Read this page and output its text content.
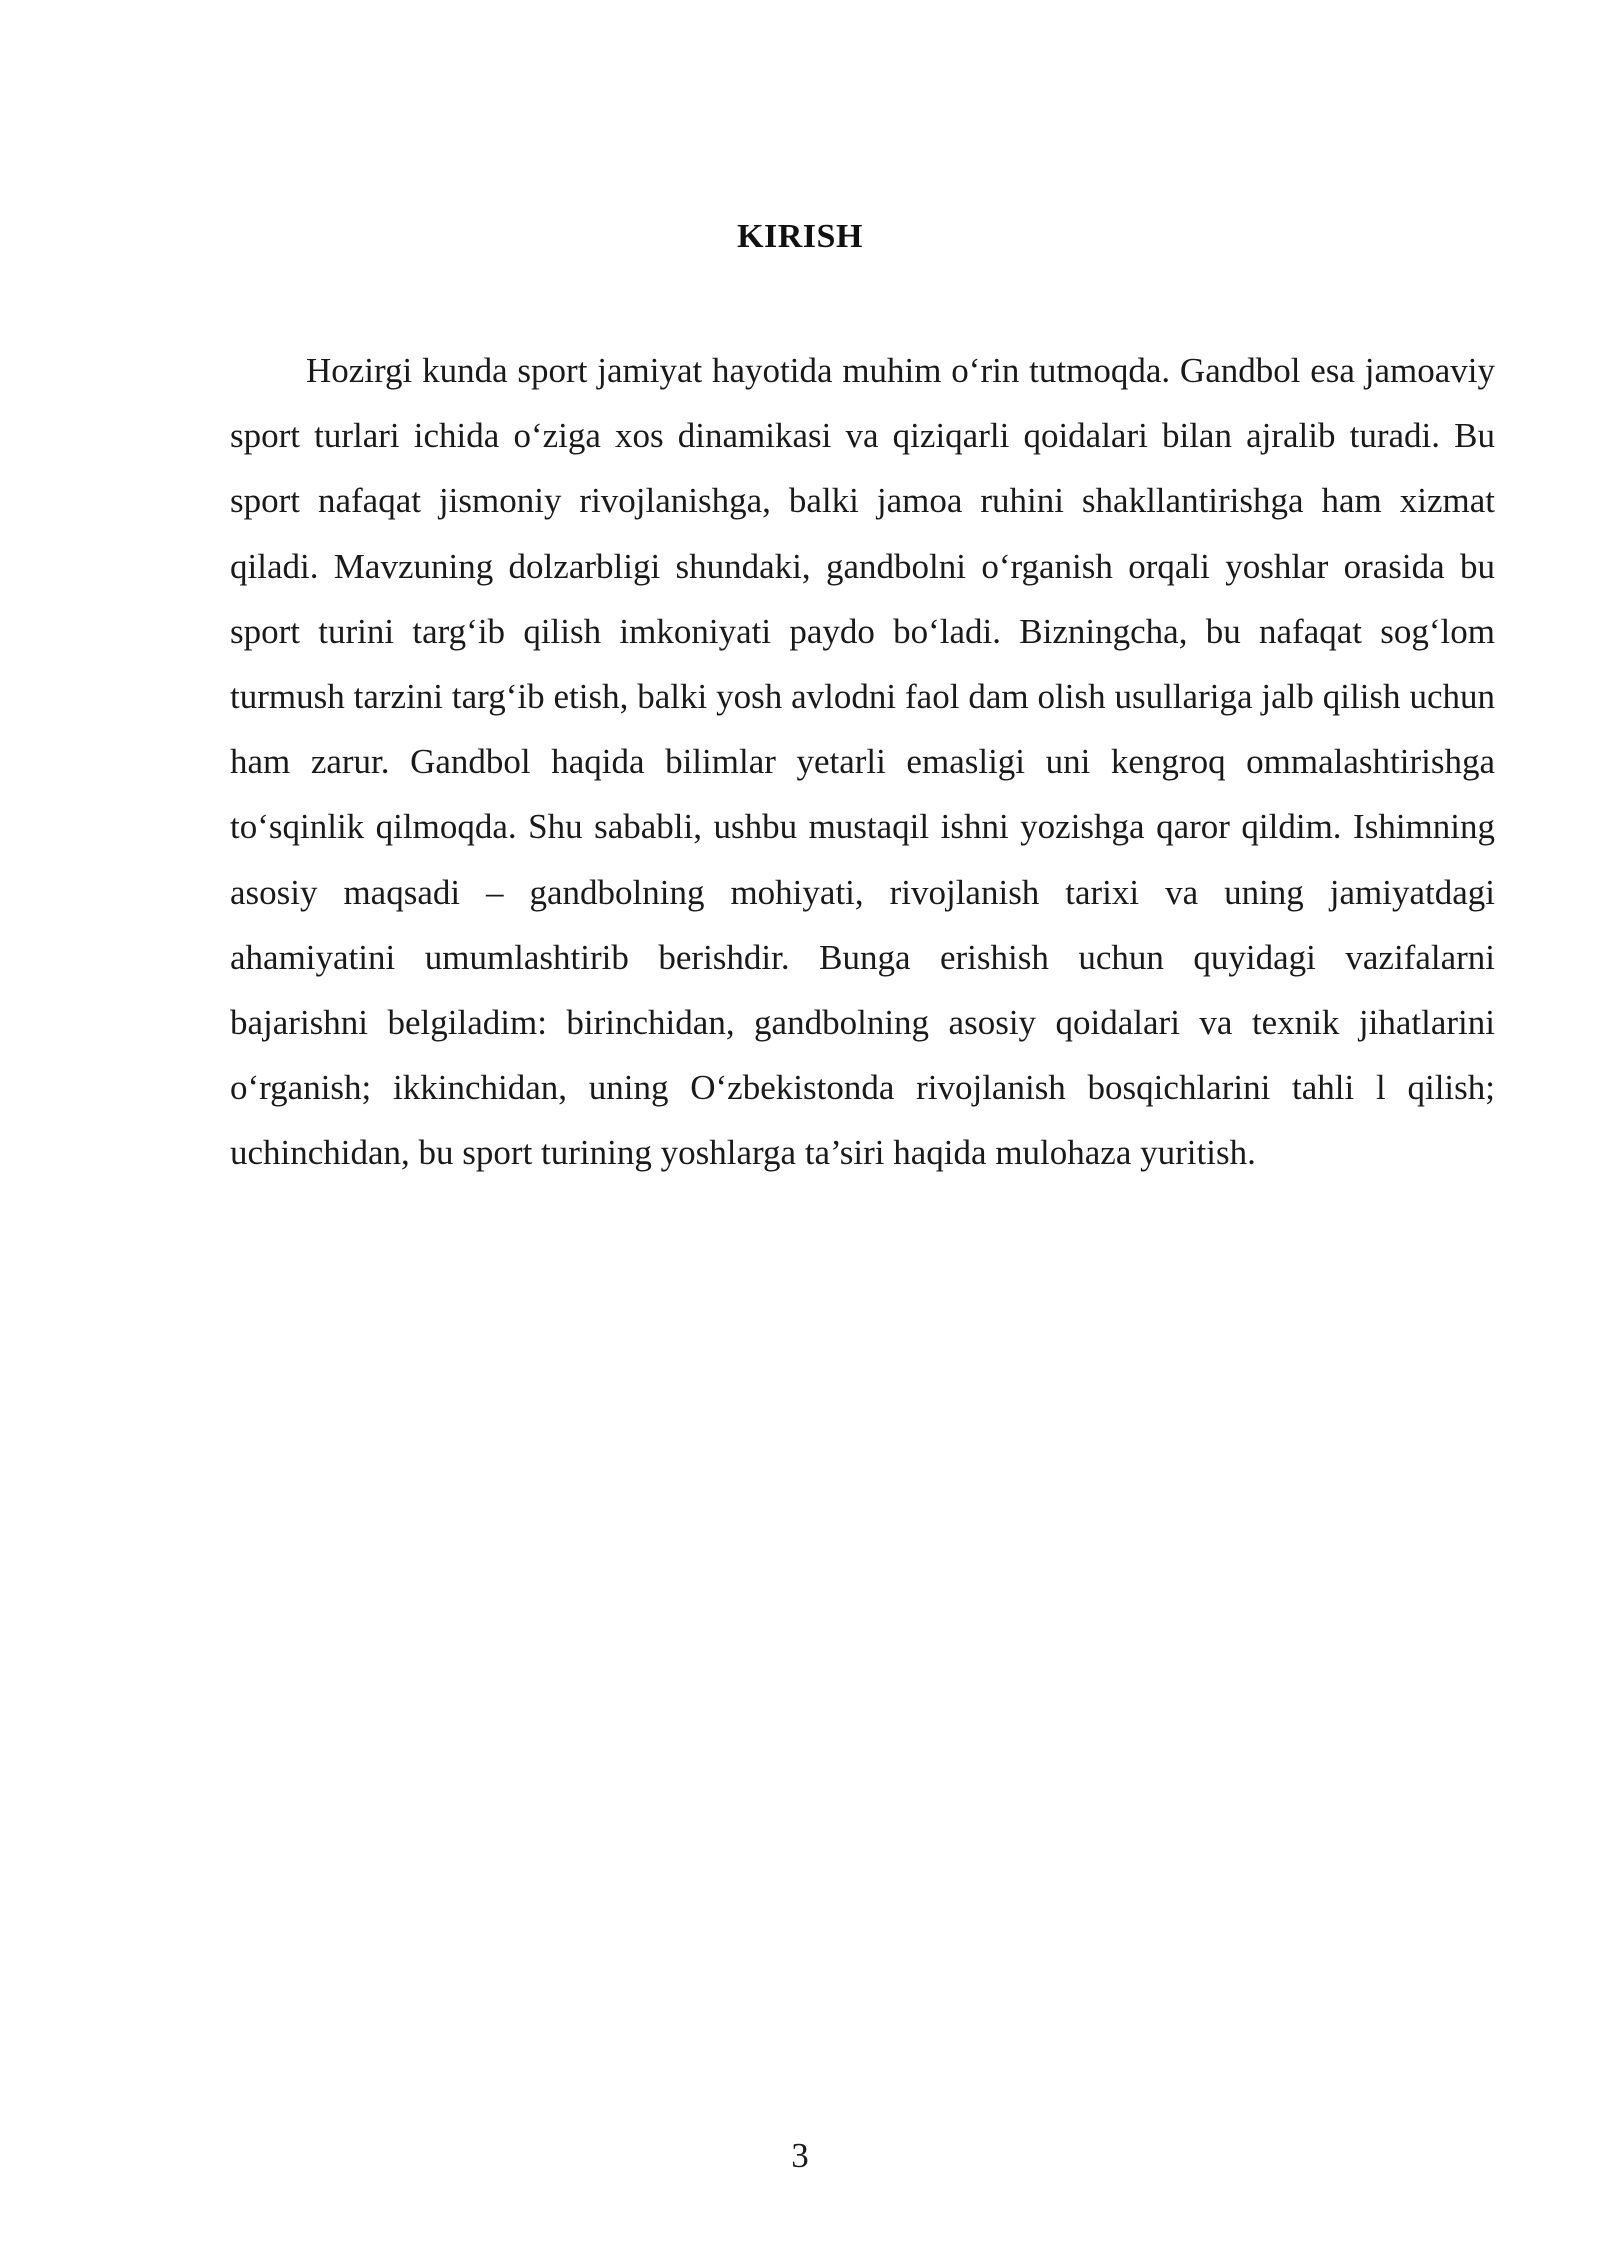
KIRISH

Hozirgi kunda sport jamiyat hayotida muhim o‘rin tutmoqda. Gandbol esa jamoaviy sport turlari ichida o‘ziga xos dinamikasi va qiziqarli qoidalari bilan ajralib turadi. Bu sport nafaqat jismoniy rivojlanishga, balki jamoa ruhini shakllantirishga ham xizmat qiladi. Mavzuning dolzarbligi shundaki, gandbolni o‘rganish orqali yoshlar orasida bu sport turini targ‘ib qilish imkoniyati paydo bo‘ladi. Bizningcha, bu nafaqat sog‘lom turmush tarzini targ‘ib etish, balki yosh avlodni faol dam olish usullariga jalb qilish uchun ham zarur. Gandbol haqida bilimlar yetarli emasligi uni kengroq ommalashtirishga to‘sqinlik qilmoqda. Shu sababli, ushbu mustaqil ishni yozishga qaror qildim. Ishimning asosiy maqsadi – gandbolning mohiyati, rivojlanish tarixi va uning jamiyatdagi ahamiyatini umumlashtirib berishdir. Bunga erishish uchun quyidagi vazifalarni bajarishni belgiladim: birinchidan, gandbolning asosiy qoidalari va texnik jihatlarini o‘rganish; ikkinchidan, uning O‘zbekistonda rivojlanish bosqichlarini tahli l qilish; uchinchidan, bu sport turining yoshlarga ta’siri haqida mulohaza yuritish.

3
